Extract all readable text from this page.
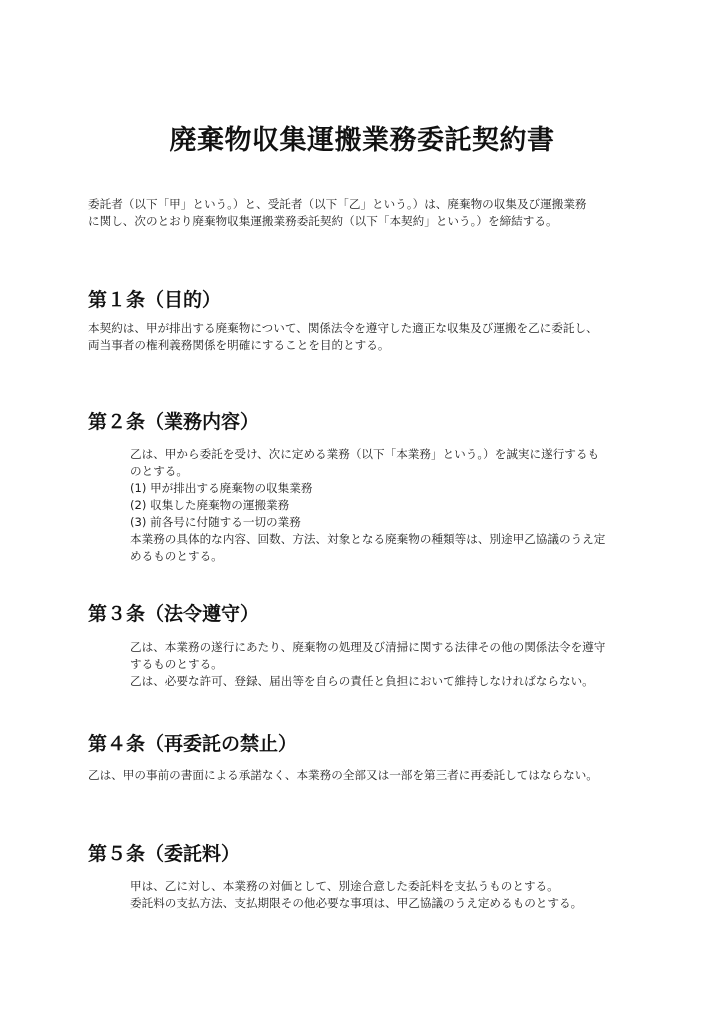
廃棄物収集運搬業務委託契約書
委託者（以下「甲」という。）と、受託者（以下「乙」という。）は、廃棄物の収集及び運搬業務
に関し、次のとおり廃棄物収集運搬業務委託契約（以下「本契約」という。）を締結する。
第１条（目的）
本契約は、甲が排出する廃棄物について、関係法令を遵守した適正な収集及び運搬を乙に委託し、
両当事者の権利義務関係を明確にすることを目的とする。
第２条（業務内容）
乙は、甲から委託を受け、次に定める業務（以下「本業務」という。）を誠実に遂行するも
のとする。
(1) 甲が排出する廃棄物の収集業務
(2) 収集した廃棄物の運搬業務
(3) 前各号に付随する一切の業務
本業務の具体的な内容、回数、方法、対象となる廃棄物の種類等は、別途甲乙協議のうえ定
めるものとする。
第３条（法令遵守）
乙は、本業務の遂行にあたり、廃棄物の処理及び清掃に関する法律その他の関係法令を遵守
するものとする。
乙は、必要な許可、登録、届出等を自らの責任と負担において維持しなければならない。
第４条（再委託の禁止）
乙は、甲の事前の書面による承諾なく、本業務の全部又は一部を第三者に再委託してはならない。
第５条（委託料）
甲は、乙に対し、本業務の対価として、別途合意した委託料を支払うものとする。
委託料の支払方法、支払期限その他必要な事項は、甲乙協議のうえ定めるものとする。
